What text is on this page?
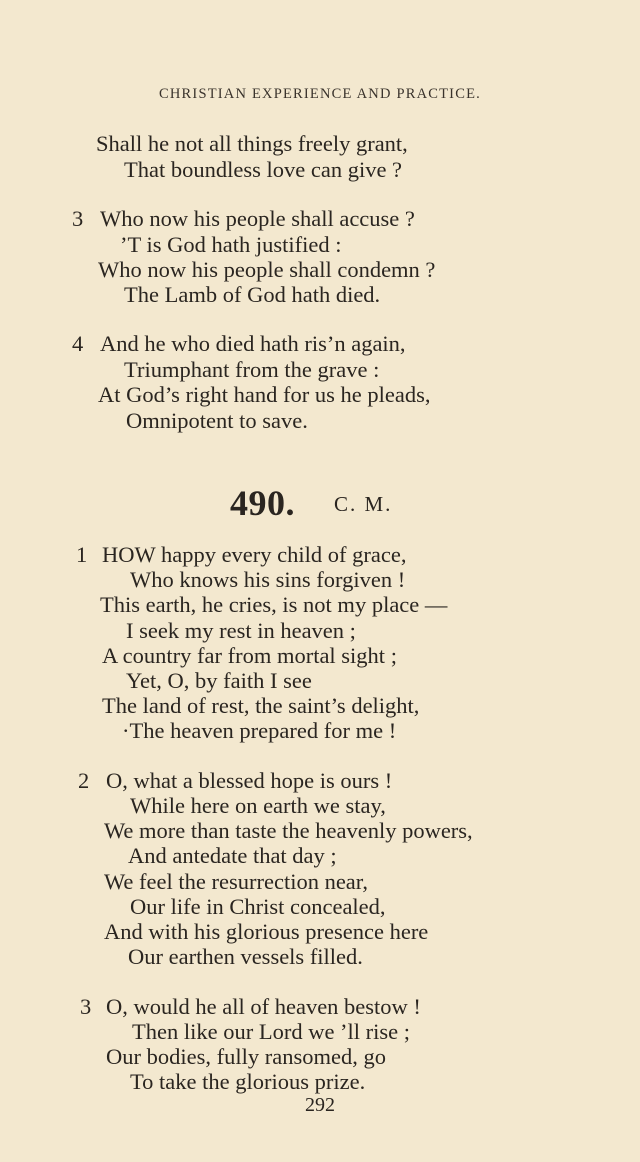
CHRISTIAN EXPERIENCE AND PRACTICE.
Shall he not all things freely grant,
That boundless love can give ?
3 Who now his people shall accuse ?
’T is God hath justified :
Who now his people shall condemn ?
The Lamb of God hath died.
4 And he who died hath ris’n again,
Triumphant from the grave :
At God’s right hand for us he pleads,
Omnipotent to save.
490. C. M.
1 HOW happy every child of grace,
Who knows his sins forgiven !
This earth, he cries, is not my place —
I seek my rest in heaven ;
A country far from mortal sight ;
Yet, O, by faith I see
The land of rest, the saint’s delight,
·The heaven prepared for me !
2 O, what a blessed hope is ours !
While here on earth we stay,
We more than taste the heavenly powers,
And antedate that day ;
We feel the resurrection near,
Our life in Christ concealed,
And with his glorious presence here
Our earthen vessels filled.
3 O, would he all of heaven bestow !
Then like our Lord we ’ll rise ;
Our bodies, fully ransomed, go
To take the glorious prize.
292
